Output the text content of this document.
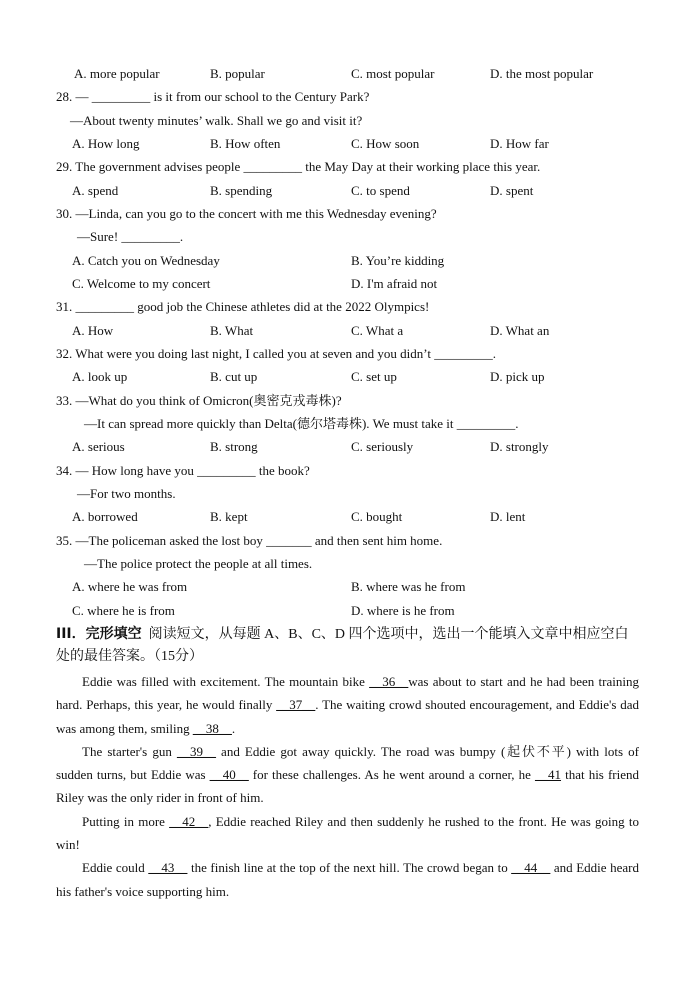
A. more popular	B. popular	C. most popular	D. the most popular
28. — _________ is it from our school to the Century Park?
—About twenty minutes’ walk. Shall we go and visit it?
A. How long	B. How often	C. How soon	D. How far
29. The government advises people _________ the May Day at their working place this year.
A. spend	B. spending	C. to spend	D. spent
30. —Linda, can you go to the concert with me this Wednesday evening?
—Sure! _________.
A. Catch you on Wednesday	B. You’re kidding
C. Welcome to my concert	D. I'm afraid not
31. _________ good job the Chinese athletes did at the 2022 Olympics!
A. How	B. What	C. What a	D. What an
32. What were you doing last night, I called you at seven and you didn’t _________.
A. look up	B. cut up	C. set up	D. pick up
33. —What do you think of Omicron(奥密克戎毒株)?
—It can spread more quickly than Delta(德尔塔毒株). We must take it _________.
A. serious	B. strong	C. seriously	D. strongly
34. — How long have you _________ the book?
—For two months.
A. borrowed	B. kept	C. bought	D. lent
35. —The policeman asked the lost boy _______ and then sent him home.
—The police protect the people at all times.
A. where he was from	B. where was he from
C. where he is from	D. where is he from
III．完形填空 阅读短文，从每题 A、B、C、D 四个选项中，选出一个能填入文章中相应空白
处的最佳答案。（15分）

Eddie was filled with excitement. The mountain bike __36__was about to start and he had been training hard. Perhaps, this year, he would finally __37__. The waiting crowd shouted encouragement, and Eddie's dad was among them, smiling __38__.

The starter's gun __39__ and Eddie got away quickly. The road was bumpy (起伏不平) with lots of sudden turns, but Eddie was __40__ for these challenges. As he went around a corner, he __41 that his friend Riley was the only rider in front of him.

Putting in more __42__, Eddie reached Riley and then suddenly he rushed to the front. He was going to win!

Eddie could __43__ the finish line at the top of the next hill. The crowd began to __44__ and Eddie heard his father's voice supporting him.
